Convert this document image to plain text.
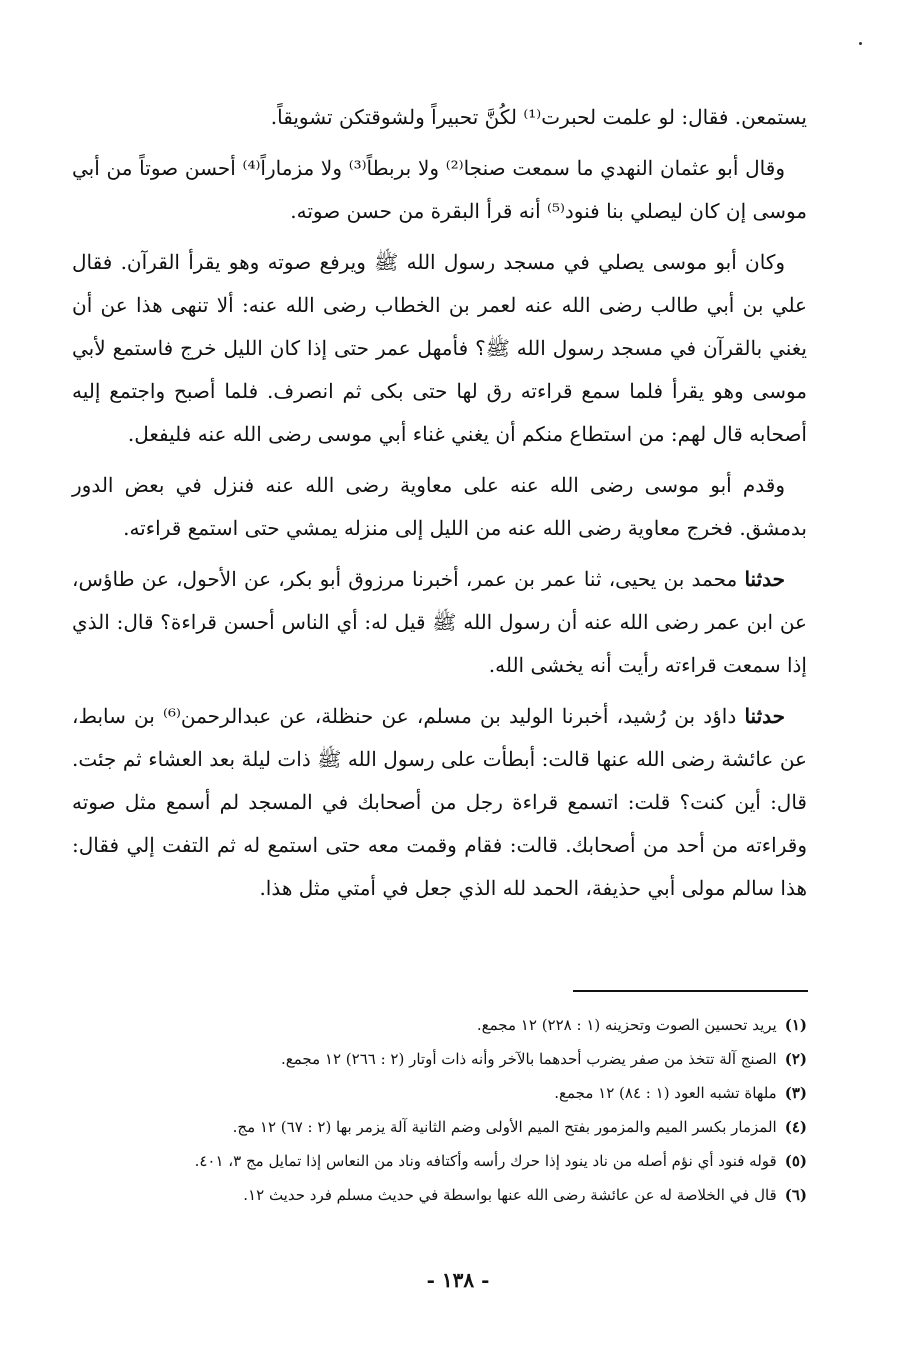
يستمعن. فقال: لو علمت لحبرت⁽¹⁾ لكُنَّ تحبيراً ولشوقتكن تشويقاً.

وقال أبو عثمان النهدي ما سمعت صنجا⁽²⁾ ولا بربطاً⁽³⁾ ولا مزماراً⁽⁴⁾ أحسن صوتاً من أبي موسى إن كان ليصلي بنا فنود⁽⁵⁾ أنه قرأ البقرة من حسن صوته.

وكان أبو موسى يصلي في مسجد رسول الله ﷺ ويرفع صوته وهو يقرأ القرآن. فقال علي بن أبي طالب رضى الله عنه لعمر بن الخطاب رضى الله عنه: ألا تنهى هذا عن أن يغني بالقرآن في مسجد رسول الله ﷺ؟ فأمهل عمر حتى إذا كان الليل خرج فاستمع لأبي موسى وهو يقرأ فلما سمع قراءته رق لها حتى بكى ثم انصرف. فلما أصبح واجتمع إليه أصحابه قال لهم: من استطاع منكم أن يغني غناء أبي موسى رضى الله عنه فليفعل.

وقدم أبو موسى رضى الله عنه على معاوية رضى الله عنه فنزل في بعض الدور بدمشق. فخرج معاوية رضى الله عنه من الليل إلى منزله يمشي حتى استمع قراءته.

حدثنا محمد بن يحيى، ثنا عمر بن عمر، أخبرنا مرزوق أبو بكر، عن الأحول، عن طاؤس، عن ابن عمر رضى الله عنه أن رسول الله ﷺ قيل له: أي الناس أحسن قراءة؟ قال: الذي إذا سمعت قراءته رأيت أنه يخشى الله.

حدثنا داؤد بن رُشيد، أخبرنا الوليد بن مسلم، عن حنظلة، عن عبدالرحمن⁽⁶⁾ بن سابط، عن عائشة رضى الله عنها قالت: أبطأت على رسول الله ﷺ ذات ليلة بعد العشاء ثم جئت. قال: أين كنت؟ قلت: اتسمع قراءة رجل من أصحابك في المسجد لم أسمع مثل صوته وقراءته من أحد من أصحابك. قالت: فقام وقمت معه حتى استمع له ثم التفت إلي فقال: هذا سالم مولى أبي حذيفة، الحمد لله الذي جعل في أمتي مثل هذا.

(١)يريد تحسين الصوت وتحزينه (١ : ٢٢٨) ١٢ مجمع.
(٢)الصنج آلة تتخذ من صفر يضرب أحدهما بالآخر وأنه ذات أوتار (٢ : ٢٦٦) ١٢ مجمع.
(٣)ملهاة تشبه العود (١ : ٨٤) ١٢ مجمع.
(٤)المزمار بكسر الميم والمزمور بفتح الميم الأولى وضم الثانية آلة يزمر بها (٢ : ٦٧) ١٢ مج.
(٥)قوله فنود أي نؤم أصله من ناد ينود إذا حرك رأسه وأكتافه وناد من النعاس إذا تمايل مج ٣، ٤٠١.
(٦)قال في الخلاصة له عن عائشة رضى الله عنها بواسطة في حديث مسلم فرد حديث ١٢.
- ١٣٨ -
